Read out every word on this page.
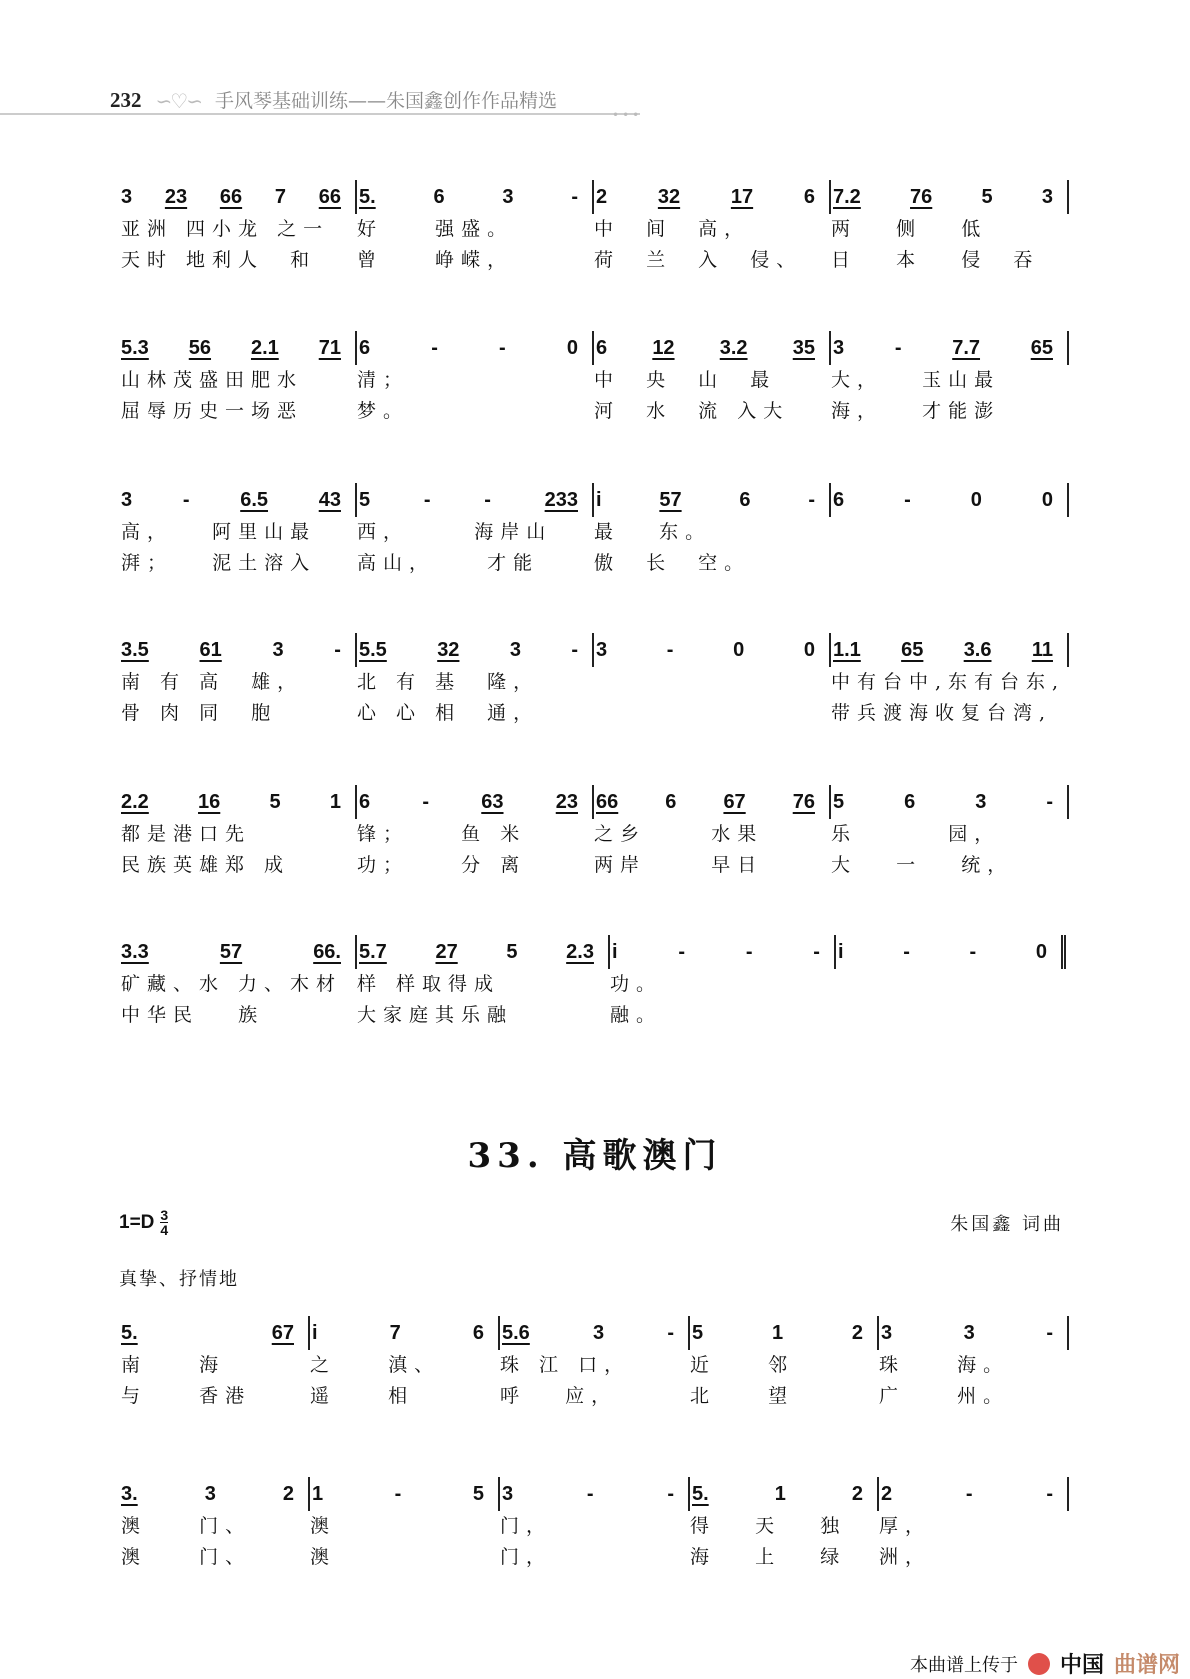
232 ∽♡∽ 手风琴基础训练——朱国鑫创作作品精选
•••
3 23 66 7 66 5.	6	3	- 2	32	17	6 7.2 76 5 3
亚洲 四小龙 之一	好    强盛。	中  间  高，	两   侧   低
天时 地利人  和	曾    峥嵘，	荷  兰  入  侵、	日   本   侵  吞
5.3 56 2.1 71 6	-	-	0 6 12 3.2 35 3	-	7.7	65
山林茂盛田肥水	清；	中  央  山  最	大，   玉山最
屈辱历史一场恶	梦。	河  水  流 入大	海，   才能澎
3	-	6.5	43 5	-	-	233 i	57	6	- 6	-	0	0
高，   阿里山最	西，     海岸山	最   东。
湃；   泥土溶入	高山，    才能	傲  长  空。
3.5	61	3	- 5.5	32	3	- 3	-	0	0 1.1 65 3.6 11
南 有 高  雄，	北 有 基  隆，	中有台中,东有台东,
骨 肉 同  胞	心 心 相  通，	带兵渡海收复台湾,
2.2 16 5 1 6	-	63	23 66 6 67 76 5	6	3	-
都是港口先	锋；    鱼 米	之乡     水果	乐       园，
民族英雄郑 成	功；    分 离	两岸     早日	大   一   统，
3.3	57	66. 5.7 27 5 2.3 i	-	-	- i	-	-	0
矿藏、水 力、木材 样 样取得成	功。
中华民   族	大家庭其乐融	融。
33. 高歌澳门
$1=D \frac{3}{4}$	朱国鑫 词曲
真挚、抒情地
5.	67 i	7	6 5.6	3	- 5	1	2 3	3	-
南    海	之    滇、	珠 江 口，	近    邻	珠    海。
与    香港	遥    相	呼   应，	北    望	广    州。
3.	3	2 1	-	5 3	-	- 5.	1	2 2	-	-
澳    门、	澳	门，	得   天   独	厚，
澳    门、	澳	门，	海   上   绿	洲，
本曲谱上传于 中国 曲谱网
